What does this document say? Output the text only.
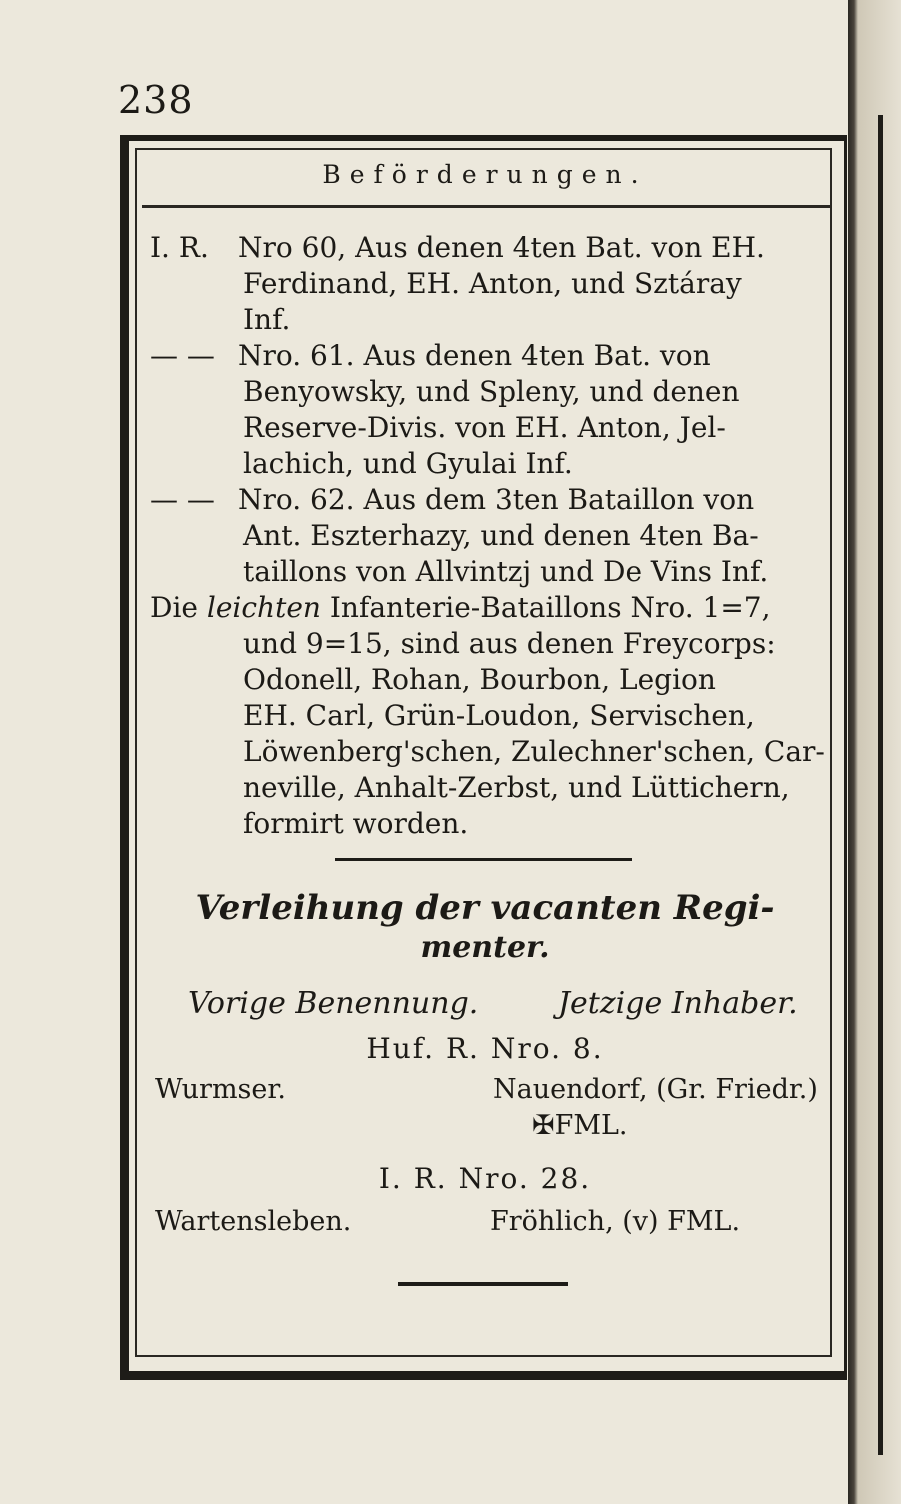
238
Beförderungen.
I. R. Nro 60, Aus denen 4ten Bat. von EH.
Ferdinand, EH. Anton, und Sztáray
Inf.
— — Nro. 61. Aus denen 4ten Bat. von
Benyowsky, und Spleny, und denen
Reserve-Divis. von EH. Anton, Jel-
lachich, und Gyulai Inf.
— — Nro. 62. Aus dem 3ten Bataillon von
Ant. Eszterhazy, und denen 4ten Ba-
taillons von Allvintzj und De Vins Inf.
Die leichten Infanterie-Bataillons Nro. 1=7,
und 9=15, sind aus denen Freycorps:
Odonell, Rohan, Bourbon, Legion
EH. Carl, Grün-Loudon, Servischen,
Löwenberg'schen, Zulechner'schen, Car-
neville, Anhalt-Zerbst, und Lüttichern,
formirt worden.
Verleihung der vacanten Regi-
menter.
Vorige Benennung.	Jetzige Inhaber.
Huf. R. Nro. 8.
Wurmser.	Nauendorf, (Gr. Friedr.)
✠FML.
I. R. Nro. 28.
Wartensleben.	Fröhlich, (v) FML.
